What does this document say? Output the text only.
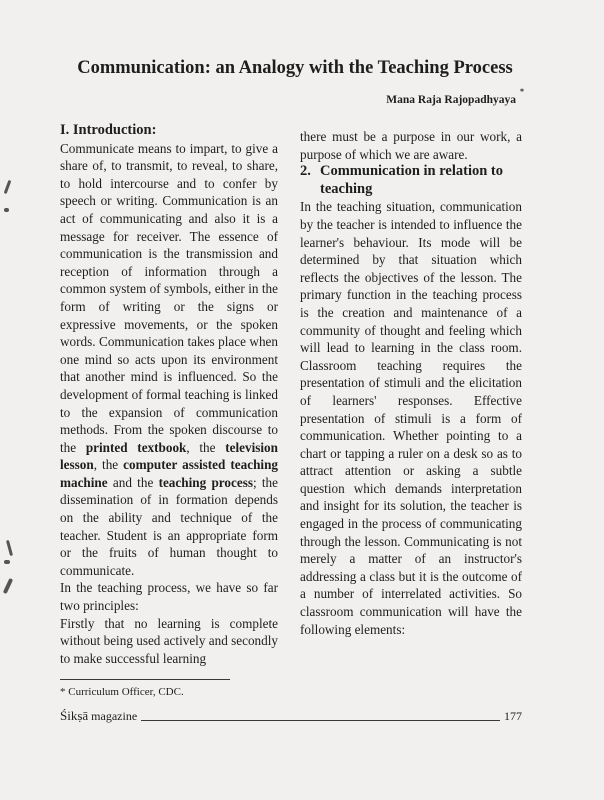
Communication: an Analogy with the Teaching Process
Mana Raja Rajopadhyaya
*
I. Introduction:

Communicate means to impart, to give a share of, to transmit, to reveal, to share, to hold intercourse and to confer by speech or writing. Communication is an act of communicating and also it is a message for receiver. The essence of communication is the transmission and reception of information through a common system of symbols, either in the form of writing or the signs or expressive movements, or the spoken words. Communication takes place when one mind so acts upon its environment that another mind is influenced. So the development of formal teaching is linked to the expansion of communication methods. From the spoken discourse to the printed textbook, the television lesson, the computer assisted teaching machine and the teaching process; the dissemination of in formation depends on the ability and technique of the teacher. Student is an appropriate form or the fruits of human thought to communicate.

In the teaching process, we have so far two principles:

Firstly that no learning is complete without being used actively and secondly to make successful learning

there must be a purpose in our work, a purpose of which we are aware.

2. Communication in relation to teaching

In the teaching situation, communication by the teacher is intended to influence the learner's behaviour. Its mode will be determined by that situation which reflects the objectives of the lesson. The primary function in the teaching process is the creation and maintenance of a community of thought and feeling which will lead to learning in the class room. Classroom teaching requires the presentation of stimuli and the elicitation of learners' responses. Effective presentation of stimuli is a form of communication. Whether pointing to a chart or tapping a ruler on a desk so as to attract attention or asking a subtle question which demands interpretation and insight for its solution, the teacher is engaged in the process of communicating through the lesson. Communicating is not merely a matter of an instructor's addressing a class but it is the outcome of a number of interrelated activities. So classroom communication will have the following elements:

* Curriculum Officer, CDC.
Śikṣā magazine	177
